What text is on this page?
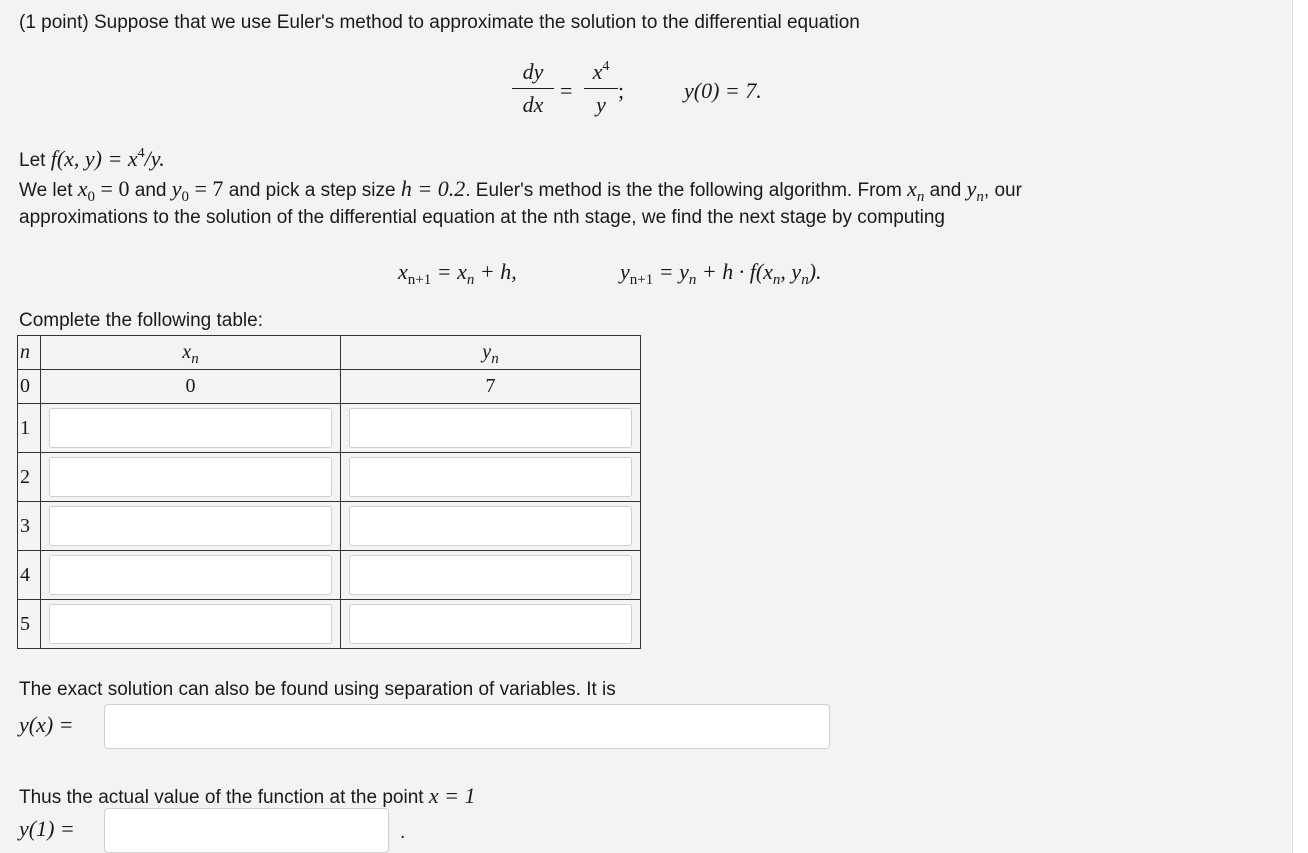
(1 point) Suppose that we use Euler's method to approximate the solution to the differential equation
dy
dx
=
$x^4$
y
;	y(0) = 7.
Let f(x, $y) = x^4/y$.
We let $x_0 = 0$ and $y_0 = 7$ and pick a step size h = 0.2. Euler's method is the the following algorithm. From $x_n$ and $y_n$, our
approximations to the solution of the differential equation at the nth stage, we find the next stage by computing
$x_{n+1} = x_n + h$,	$y_{n+1} = y_n + h \cdot f(x_n$, $y_n$).
Complete the following table:
n	$x_n$	$y_n$
0	0	7
1	

2	

3	

4	

5	

The exact solution can also be found using separation of variables. It is
y(x) =
Thus the actual value of the function at the point x = 1
y(1) =	.
